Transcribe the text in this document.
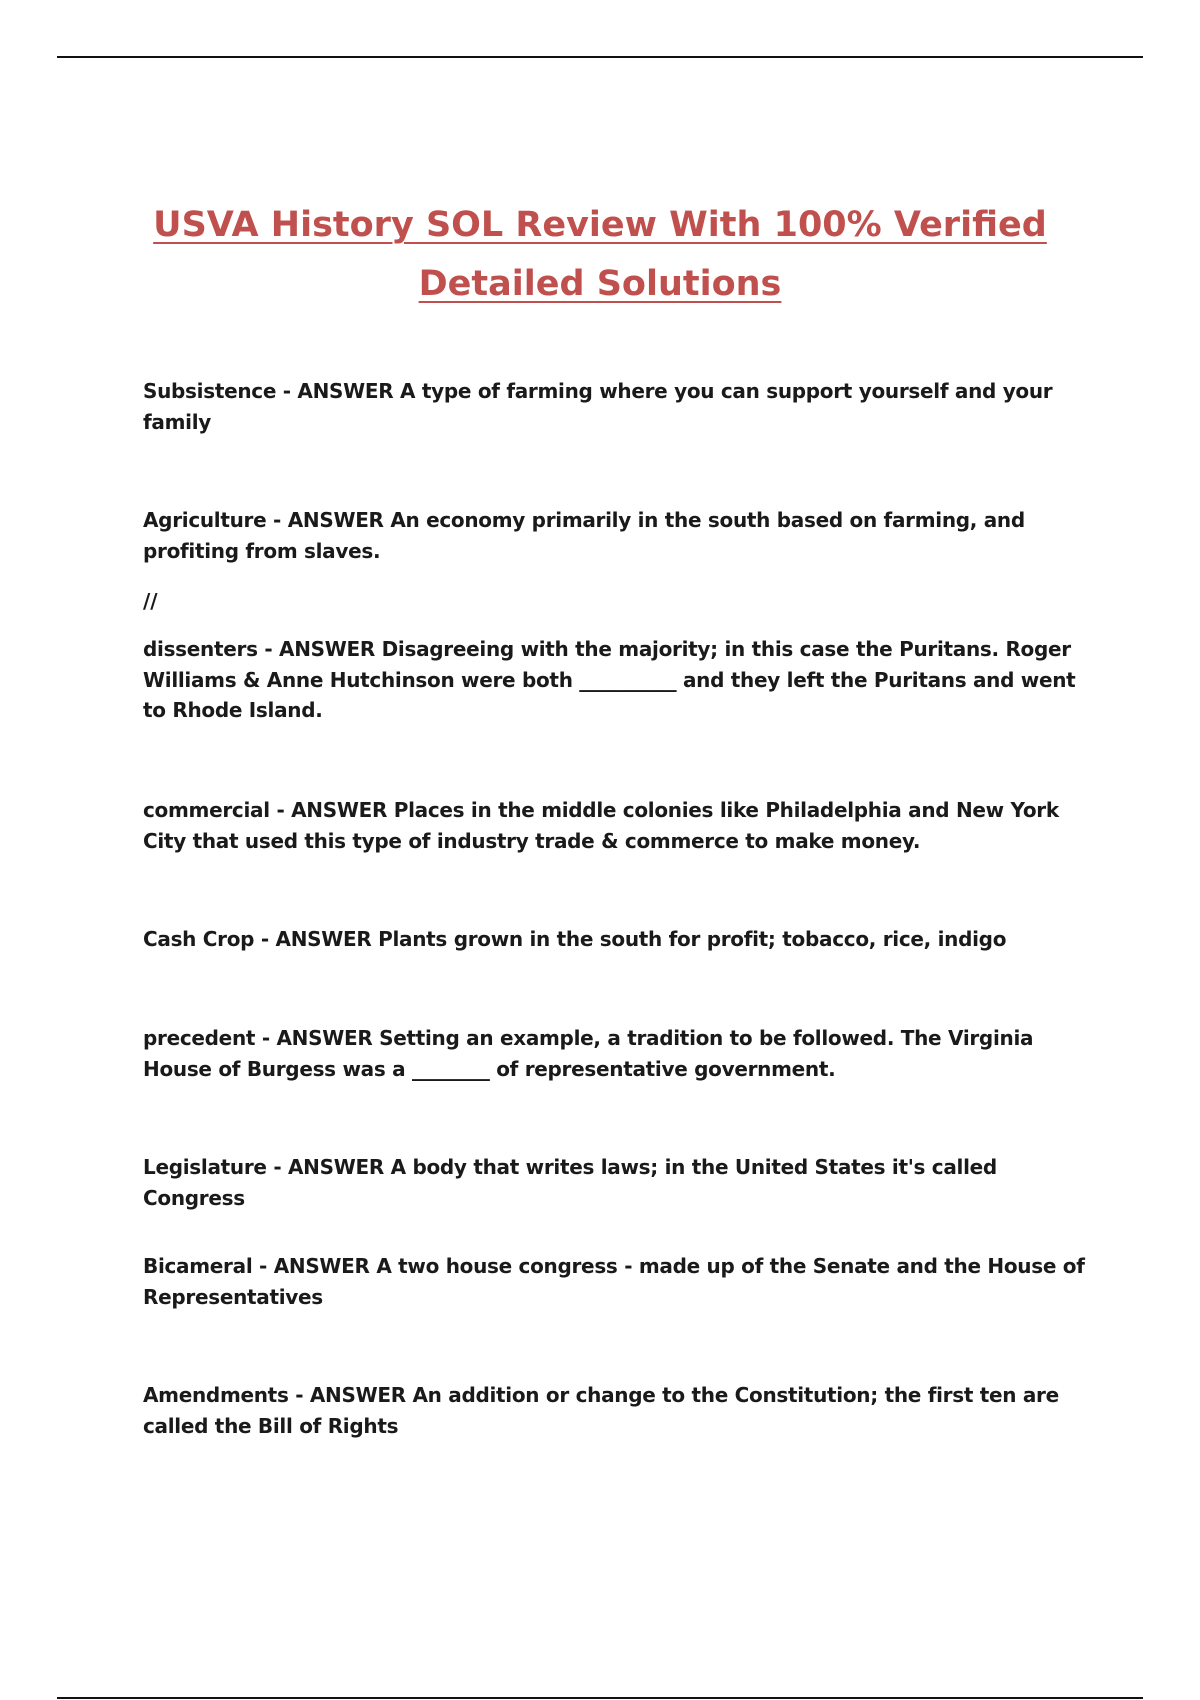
USVA History SOL Review With 100% Verified
Detailed Solutions
Subsistence - ANSWER A type of farming where you can support yourself and your family
Agriculture - ANSWER An economy primarily in the south based on farming, and profiting from slaves.
//
dissenters - ANSWER Disagreeing with the majority; in this case the Puritans. Roger Williams & Anne Hutchinson were both __________ and they left the Puritans and went to Rhode Island.
commercial - ANSWER Places in the middle colonies like Philadelphia and New York City that used this type of industry trade & commerce to make money.
Cash Crop - ANSWER Plants grown in the south for profit; tobacco, rice, indigo
precedent - ANSWER Setting an example, a tradition to be followed. The Virginia House of Burgess was a ________ of representative government.
Legislature - ANSWER A body that writes laws; in the United States it's called Congress
Bicameral - ANSWER A two house congress - made up of the Senate and the House of Representatives
Amendments - ANSWER An addition or change to the Constitution; the first ten are called the Bill of Rights
